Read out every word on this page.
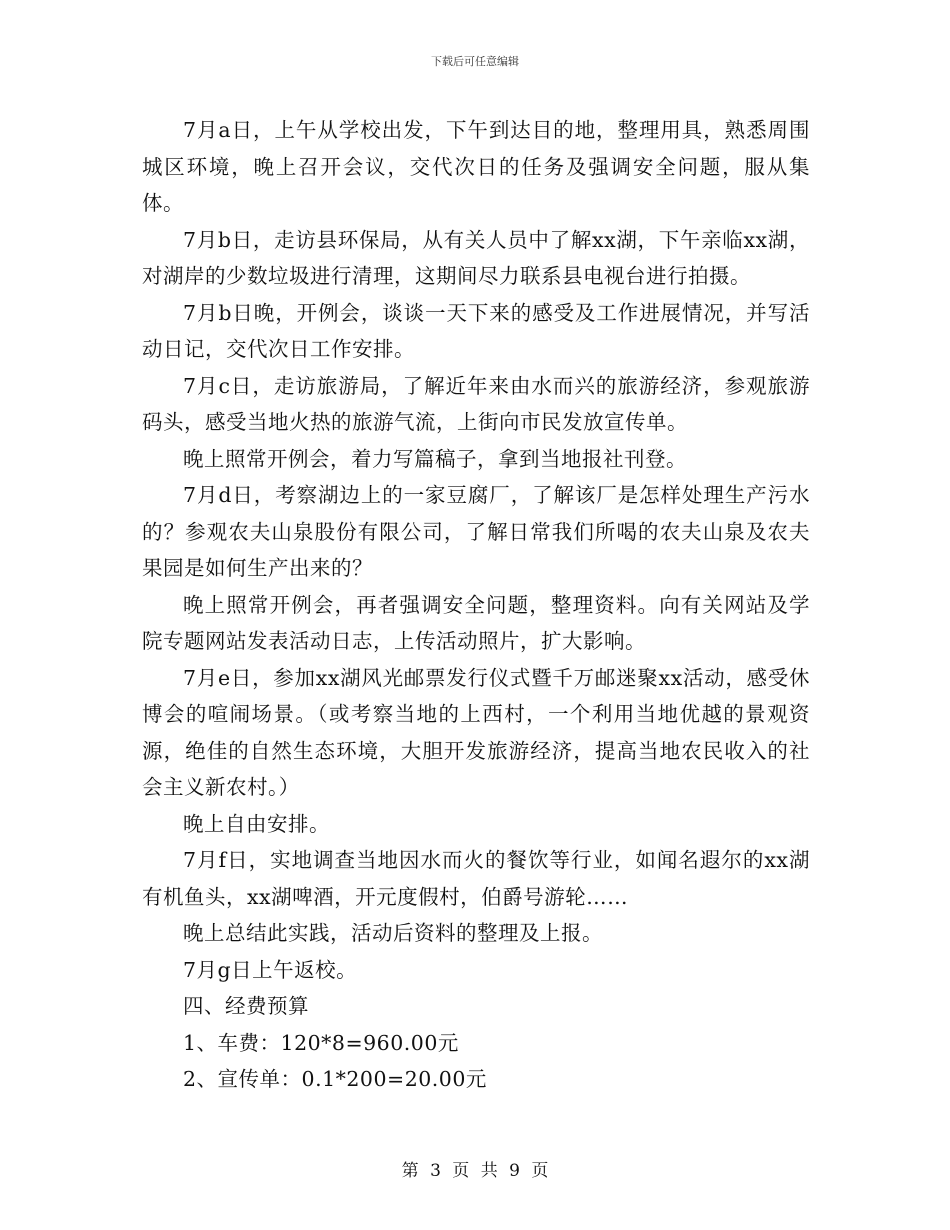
下载后可任意编辑

7月a日，上午从学校出发，下午到达目的地，整理用具，熟悉周围城区环境，晚上召开会议，交代次日的任务及强调安全问题，服从集体。

7月b日，走访县环保局，从有关人员中了解xx湖，下午亲临xx湖，对湖岸的少数垃圾进行清理，这期间尽力联系县电视台进行拍摄。

7月b日晚，开例会，谈谈一天下来的感受及工作进展情况，并写活动日记，交代次日工作安排。

7月c日，走访旅游局，了解近年来由水而兴的旅游经济，参观旅游码头，感受当地火热的旅游气流，上街向市民发放宣传单。

晚上照常开例会，着力写篇稿子，拿到当地报社刊登。

7月d日，考察湖边上的一家豆腐厂，了解该厂是怎样处理生产污水的？参观农夫山泉股份有限公司，了解日常我们所喝的农夫山泉及农夫果园是如何生产出来的？

晚上照常开例会，再者强调安全问题，整理资料。向有关网站及学院专题网站发表活动日志，上传活动照片，扩大影响。

7月e日，参加xx湖风光邮票发行仪式暨千万邮迷聚xx活动，感受休博会的喧闹场景。（或考察当地的上西村，一个利用当地优越的景观资源，绝佳的自然生态环境，大胆开发旅游经济，提高当地农民收入的社会主义新农村。）

晚上自由安排。

7月f日，实地调查当地因水而火的餐饮等行业，如闻名遐尔的xx湖有机鱼头，xx湖啤酒，开元度假村，伯爵号游轮……

晚上总结此实践，活动后资料的整理及上报。

7月g日上午返校。

四、经费预算

1、车费：120*8=960.00元

2、宣传单：0.1*200=20.00元

第 3 页 共 9 页
